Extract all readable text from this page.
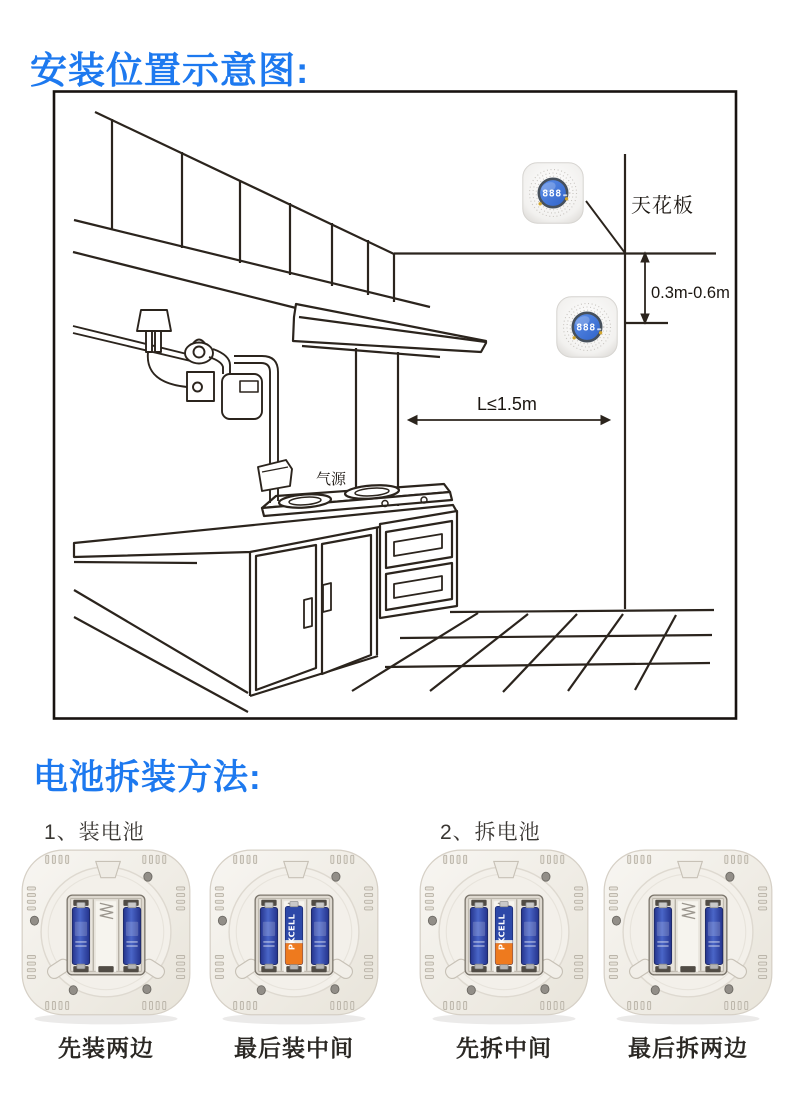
安装位置示意图:
天花板
0.3m-0.6m
L≤1.5m
气源
电池拆装方法:
1、装电池	2、拆电池
先装两边	最后装中间	先拆中间	最后拆两边
